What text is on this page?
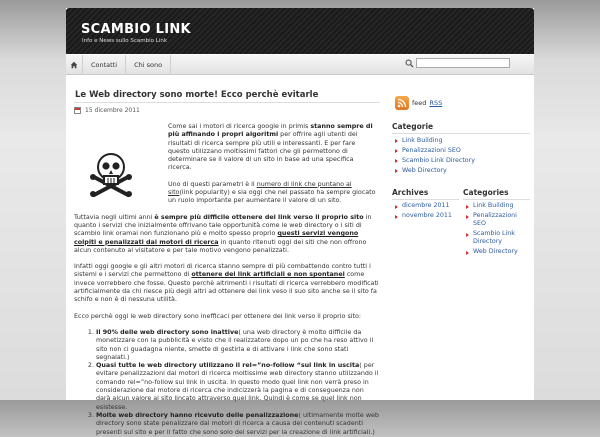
SCAMBIO LINK
Info e News sullo Scambio Link
Contatti	Chi sono
Le Web directory sono morte! Ecco perchè evitarle
15 dicembre 2011

Come sai i motori di ricerca google in primis stanno sempre di più affinando i propri algoritmi per offrire agli utenti dei risultati di ricerca sempre più utili e interessanti. E per fare questo utilizzano moltissimi fattori che gli permettono di determinare se il valore di un sito in base ad una specifica ricerca.

Uno di questi parametri è il numero di link che puntano al sito(link popularity) e sia oggi che nel passato ha sempre giocato un ruolo importante per aumentare il valore di un sito.

Tuttavia negli ultimi anni è sempre più difficile ottenere dei link verso il proprio sito in quanto i servizi che inizialmente offrivano tale opportunità come le web directory o i siti di scambio link oramai non funzionano più e molto spesso proprio questi servizi vengono colpiti e penalizzati dai motori di ricerca in quanto ritenuti oggi dei siti che non offrono alcun contenuto al visitatore e per tale motivo vengono penalizzati.

Infatti oggi google e gli altri motori di ricerca stanno sempre di più combattendo contro tutti i sistemi e i servizi che permettono di ottenere dei link artificiali e non spontanei come invece vorrebbero che fosse. Questo perchè altrimenti i risultati di ricerca verrebbero modificati artificialmente da chi riesce più degli altri ad ottenere dei link veso il suo sito anche se il sito fa schifo e non è di nessuna utilità.

Ecco perchè oggi le web directory sono inefficaci per ottenere dei link verso il proprio sito:

1. Il 90% delle web directory sono inattive( una web directory è molto difficile da monetizzare con la pubblicità e visto che il realizzatore dopo un po che ha reso attivo il sito non ci guadagna niente, smette di gestirla e di attivare i link che sono stati segnalati.)
2. Quasi tutte le web directory utilizzano il rel=”no-follow “sui link in uscita( per evitare penalizzazioni dai motori di ricerca moltissime web directory stanno utilizzando il comando rel=”no-follow sui link in uscita. In questo modo quel link non verrà preso in considerazione dal motore di ricerca che indicizzerà la pagina e di conseguenza non darà alcun valore al sito lincato attraverso quel link. Quindi è come se quel link non esistesse.
3. Molte web directory hanno ricevuto delle penalizzazione( ultimamente molte web directory sono state penalizzare dai motori di ricerca a causa dei contenuti scadenti presenti sul sito e per il fatto che sono solo dei servizi per la creazione di link artificiali.)
feed RSS
Categorie
Link Building
Penalizzazioni SEO
Scambio Link Directory
Web Directory
Archives
dicembre 2011
novembre 2011
Categories
Link Building
Penalizzazioni SEO
Scambio Link Directory
Web Directory
